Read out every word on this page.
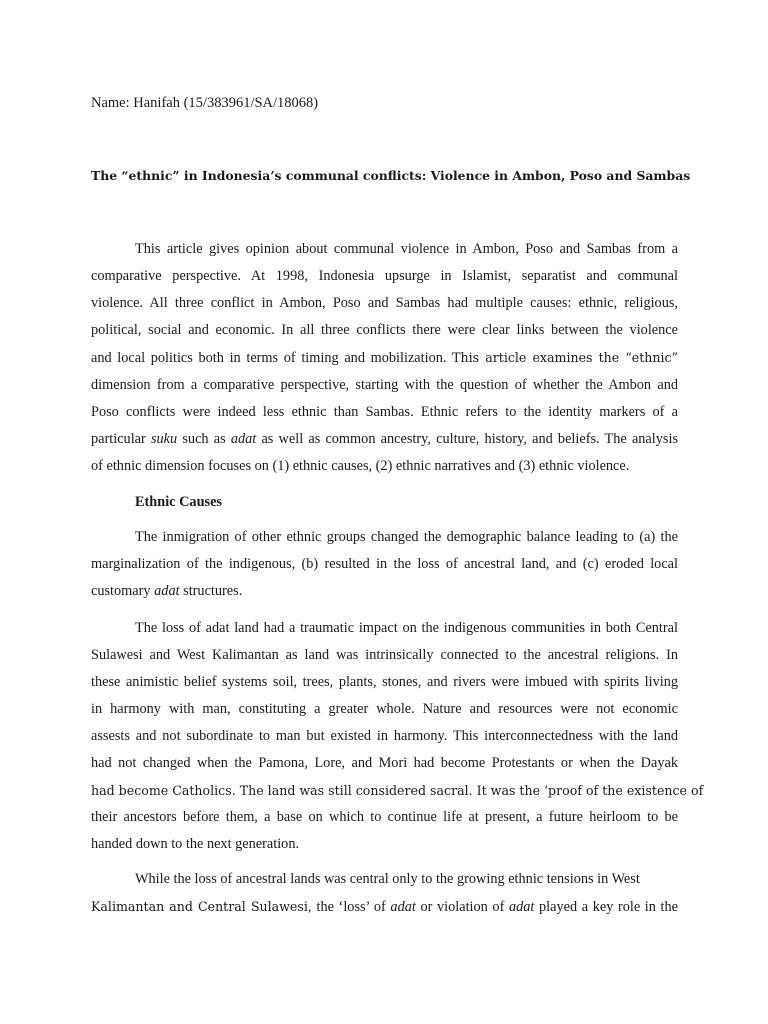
Name: Hanifah (15/383961/SA/18068)
The “ethnic” in Indonesia’s communal conflicts: Violence in Ambon, Poso and Sambas
This article gives opinion about communal violence in Ambon, Poso and Sambas from a
comparative perspective. At 1998, Indonesia upsurge in Islamist, separatist and communal
violence. All three conflict in Ambon, Poso and Sambas had multiple causes: ethnic, religious,
political, social and economic. In all three conflicts there were clear links between the violence
and local politics both in terms of timing and mobilization. This article examines the “ethnic”
dimension from a comparative perspective, starting with the question of whether the Ambon and
Poso conflicts were indeed less ethnic than Sambas. Ethnic refers to the identity markers of a
particular suku such as adat as well as common ancestry, culture, history, and beliefs. The analysis
of ethnic dimension focuses on (1) ethnic causes, (2) ethnic narratives and (3) ethnic violence.
Ethnic Causes
The inmigration of other ethnic groups changed the demographic balance leading to (a) the
marginalization of the indigenous, (b) resulted in the loss of ancestral land, and (c) eroded local
customary adat structures.
The loss of adat land had a traumatic impact on the indigenous communities in both Central
Sulawesi and West Kalimantan as land was intrinsically connected to the ancestral religions. In
these animistic belief systems soil, trees, plants, stones, and rivers were imbued with spirits living
in harmony with man, constituting a greater whole. Nature and resources were not economic
assests and not subordinate to man but existed in harmony. This interconnectedness with the land
had not changed when the Pamona, Lore, and Mori had become Protestants or when the Dayak
had become Catholics. The land was still considered sacral. It was the ‘proof of the existence of
their ancestors before them, a base on which to continue life at present, a future heirloom to be
handed down to the next generation.
While the loss of ancestral lands was central only to the growing ethnic tensions in West
Kalimantan and Central Sulawesi, the ‘loss’ of adat or violation of adat played a key role in the
